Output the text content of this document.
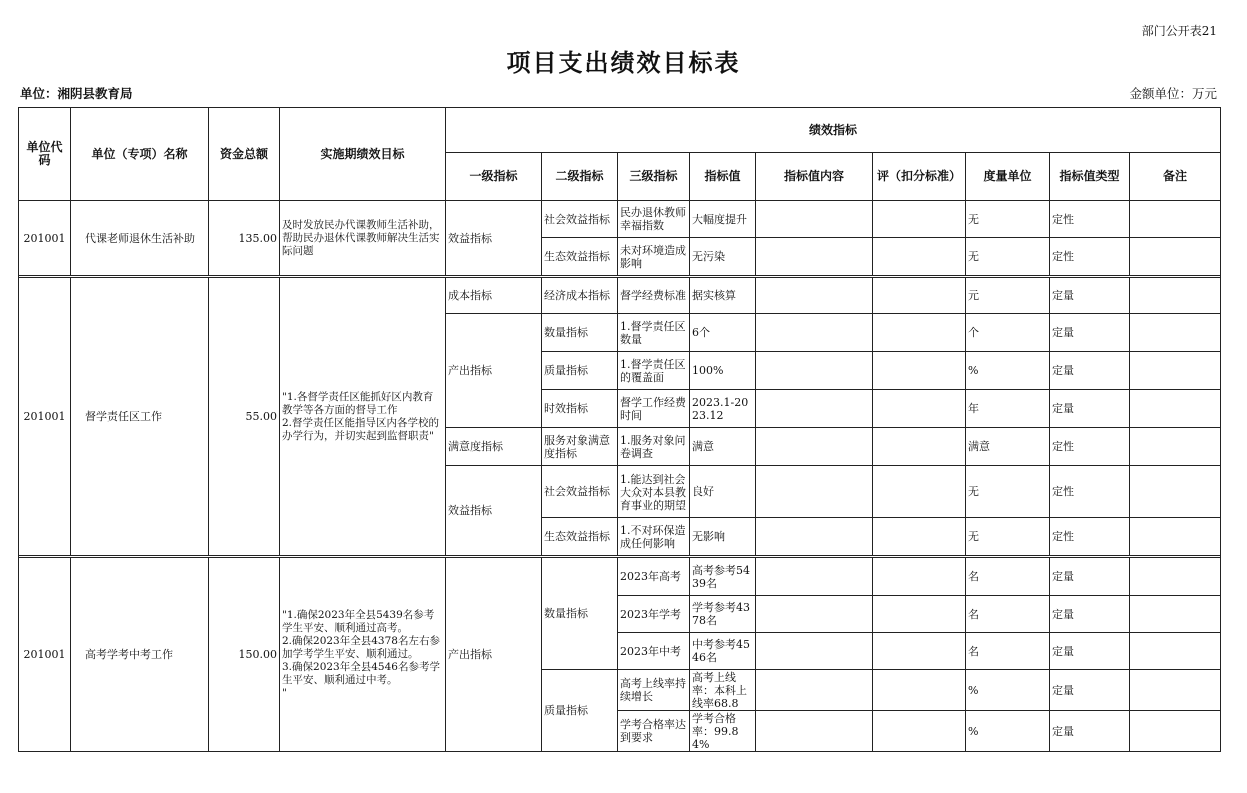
部门公开表21
项目支出绩效目标表
单位：湘阴县教育局	金额单位：万元
单位代码	单位（专项）名称	资金总额	实施期绩效目标	绩效指标								
				一级指标	二级指标	三级指标	指标值	指标值内容	评（扣分标准）	度量单位	指标值类型	备注

201001	代课老师退休生活补助	135.00	及时发放民办代课教师生活补助，帮助民办退休代课教师解决生活实际问题	效益指标	社会效益指标	民办退休教师幸福指数	大幅度提升			无	定性	

					生态效益指标	未对环境造成影响	无污染			无	定性	

201001	督学责任区工作	55.00	"1.各督学责任区能抓好区内教育教学等各方面的督导工作
2.督学责任区能指导区内各学校的办学行为，并切实起到监督职责"	成本指标	经济成本指标	督学经费标准	据实核算			元	定量	

				产出指标	数量指标	1.督学责任区数量	6个			个	定量	

					质量指标	1.督学责任区的覆盖面	100%			%	定量	

					时效指标	督学工作经费时间	2023.1-2023.12			年	定量	

				满意度指标	服务对象满意度指标	1.服务对象问卷调查	满意			满意	定性	

				效益指标	社会效益指标	1.能达到社会大众对本县教育事业的期望	良好			无	定性	

					生态效益指标	1.不对环保造成任何影响	无影响			无	定性	

201001	高考学考中考工作	150.00	"1.确保2023年全县5439名参考学生平安、顺利通过高考。
2.确保2023年全县4378名左右参加学考学生平安、顺利通过。
3.确保2023年全县4546名参考学生平安、顺利通过中考。
"	产出指标	数量指标	2023年高考	高考参考5439名			名	定量	

						2023年学考	学考参考4378名			名	定量	

						2023年中考	中考参考4546名			名	定量	

					质量指标	高考上线率持续增长	高考上线率：本科上线率68.8			%	定量	

						学考合格率达到要求	学考合格率：99.84%			%	定量	
